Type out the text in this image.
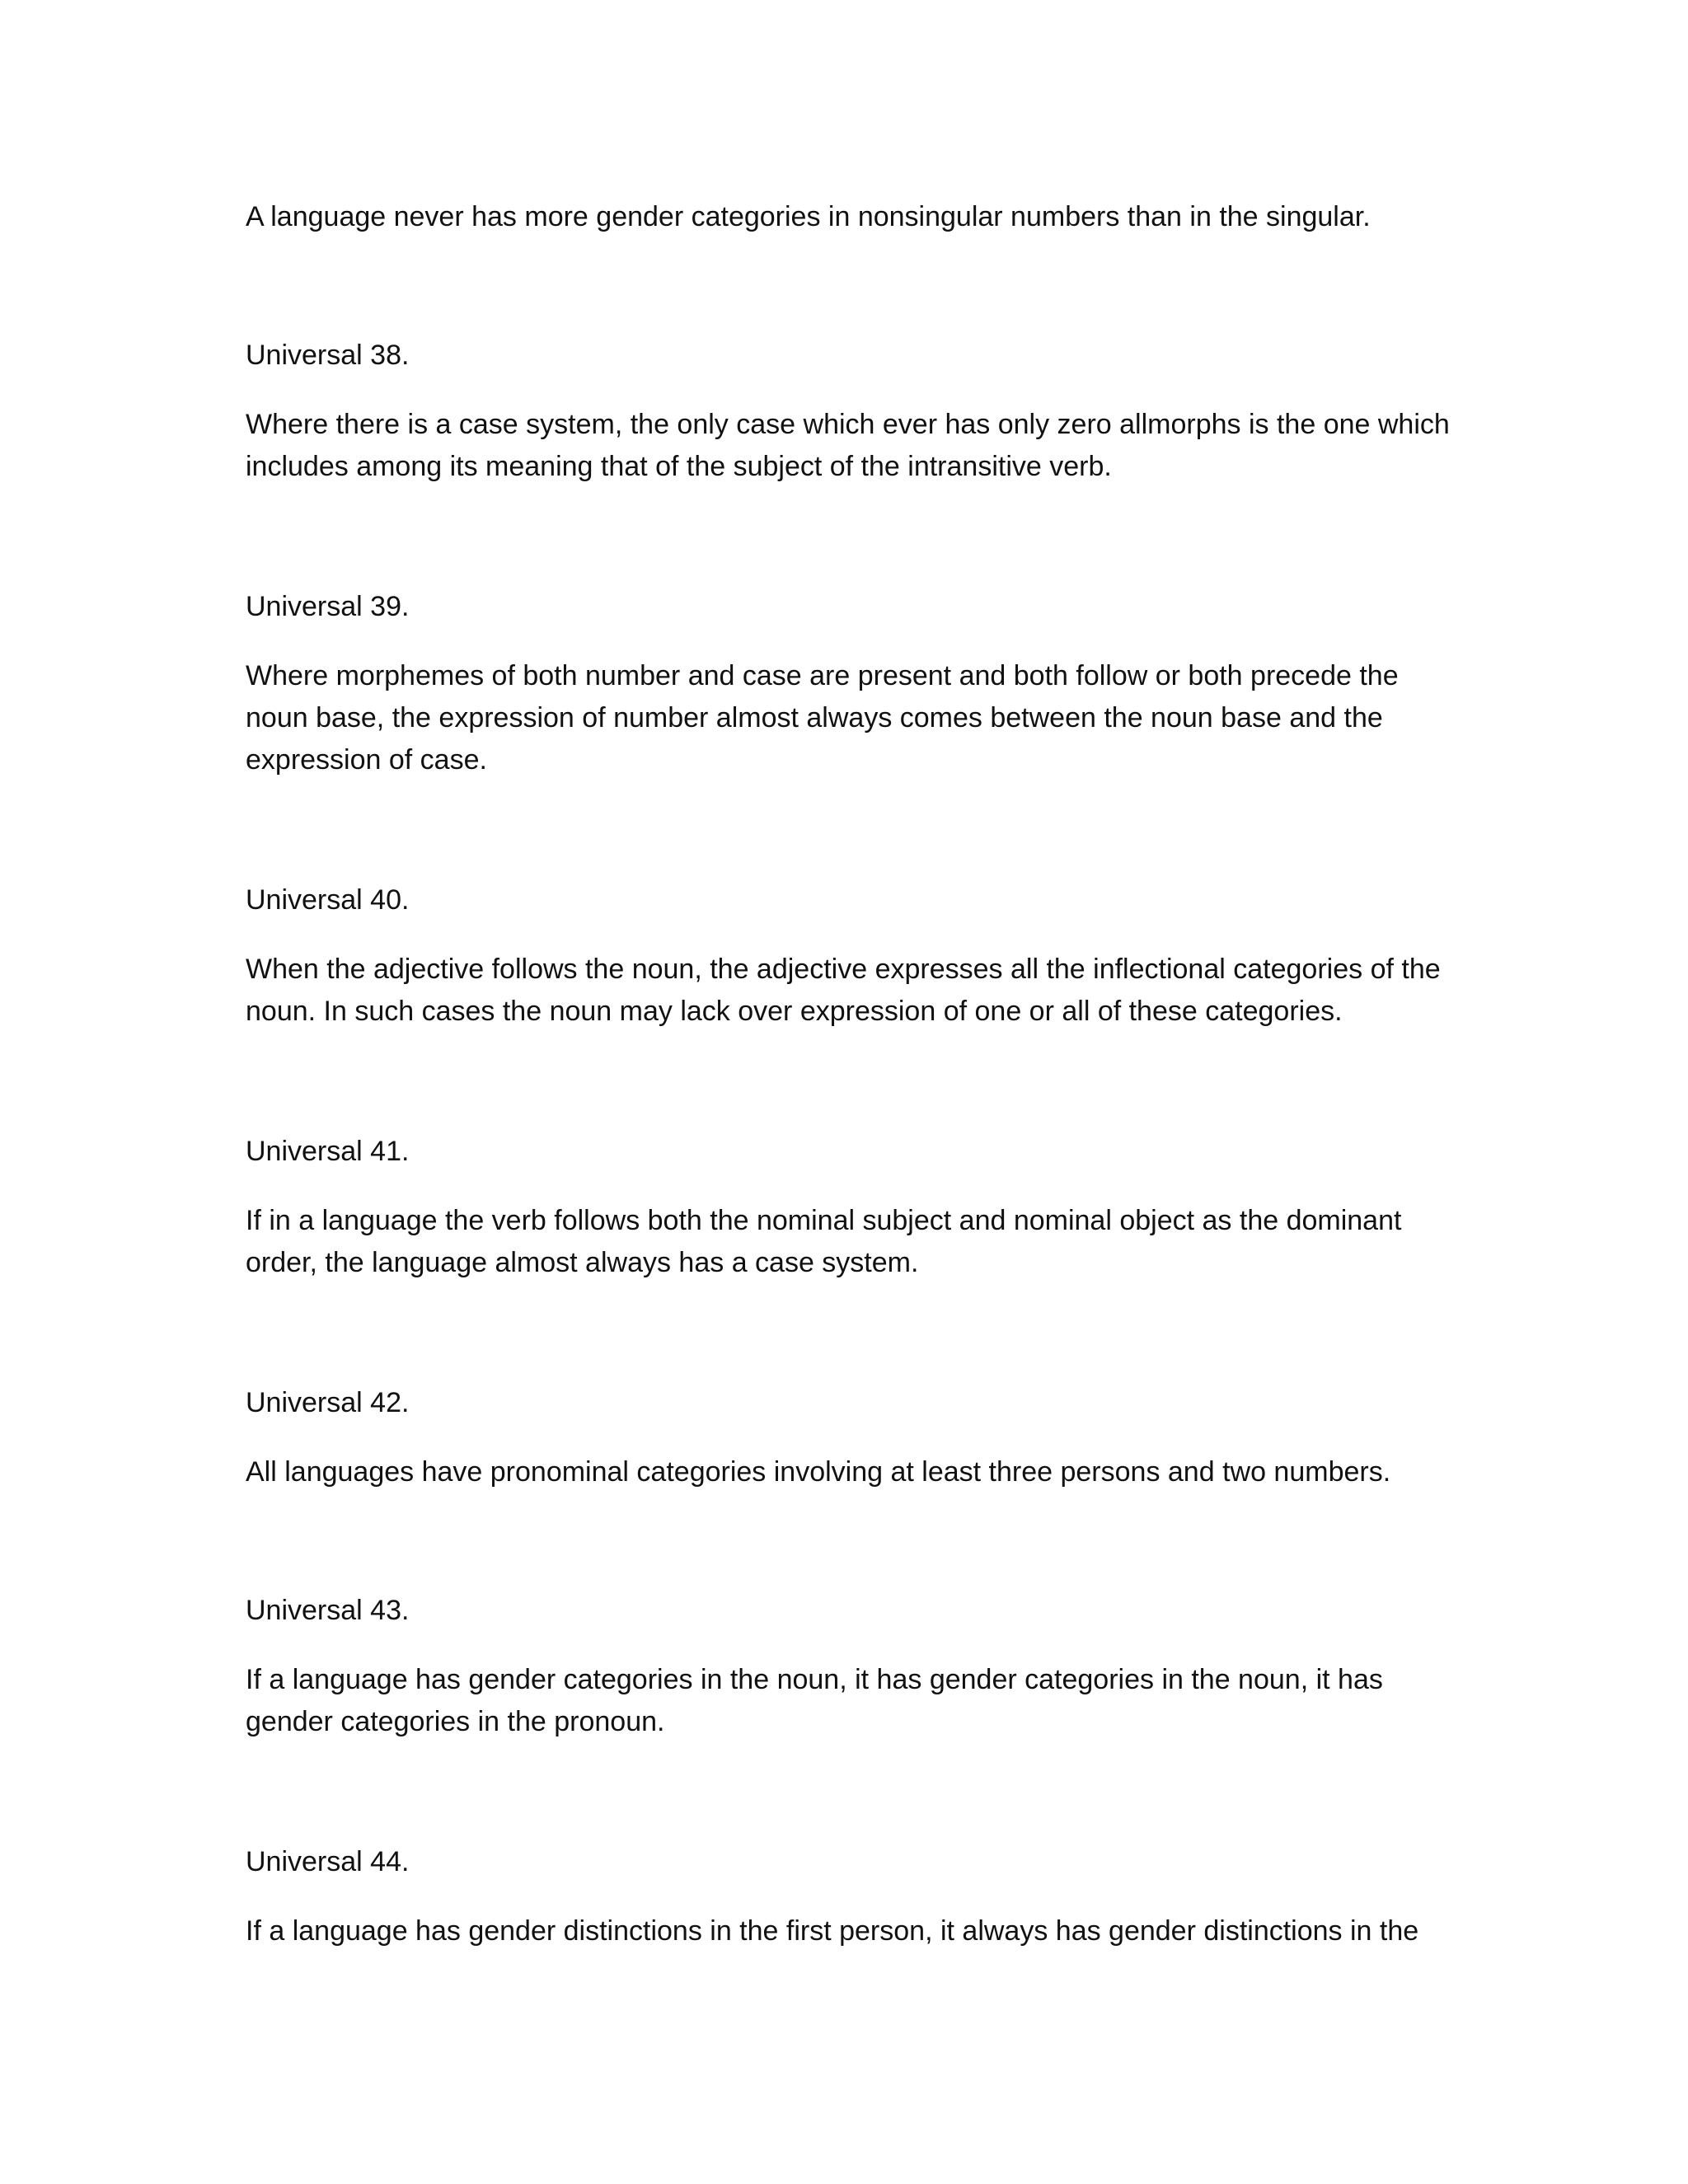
A language never has more gender categories in nonsingular numbers than in the singular.

Universal 38.

Where there is a case system, the only case which ever has only zero allmorphs is the one which includes among its meaning that of the subject of the intransitive verb.

Universal 39.

Where morphemes of both number and case are present and both follow or both precede the noun base, the expression of number almost always comes between the noun base and the expression of case.

Universal 40.

When the adjective follows the noun, the adjective expresses all the inflectional categories of the noun. In such cases the noun may lack over expression of one or all of these categories.

Universal 41.

If in a language the verb follows both the nominal subject and nominal object as the dominant order, the language almost always has a case system.

Universal 42.

All languages have pronominal categories involving at least three persons and two numbers.

Universal 43.

If a language has gender categories in the noun, it has gender categories in the noun, it has gender categories in the pronoun.

Universal 44.

If a language has gender distinctions in the first person, it always has gender distinctions in the
